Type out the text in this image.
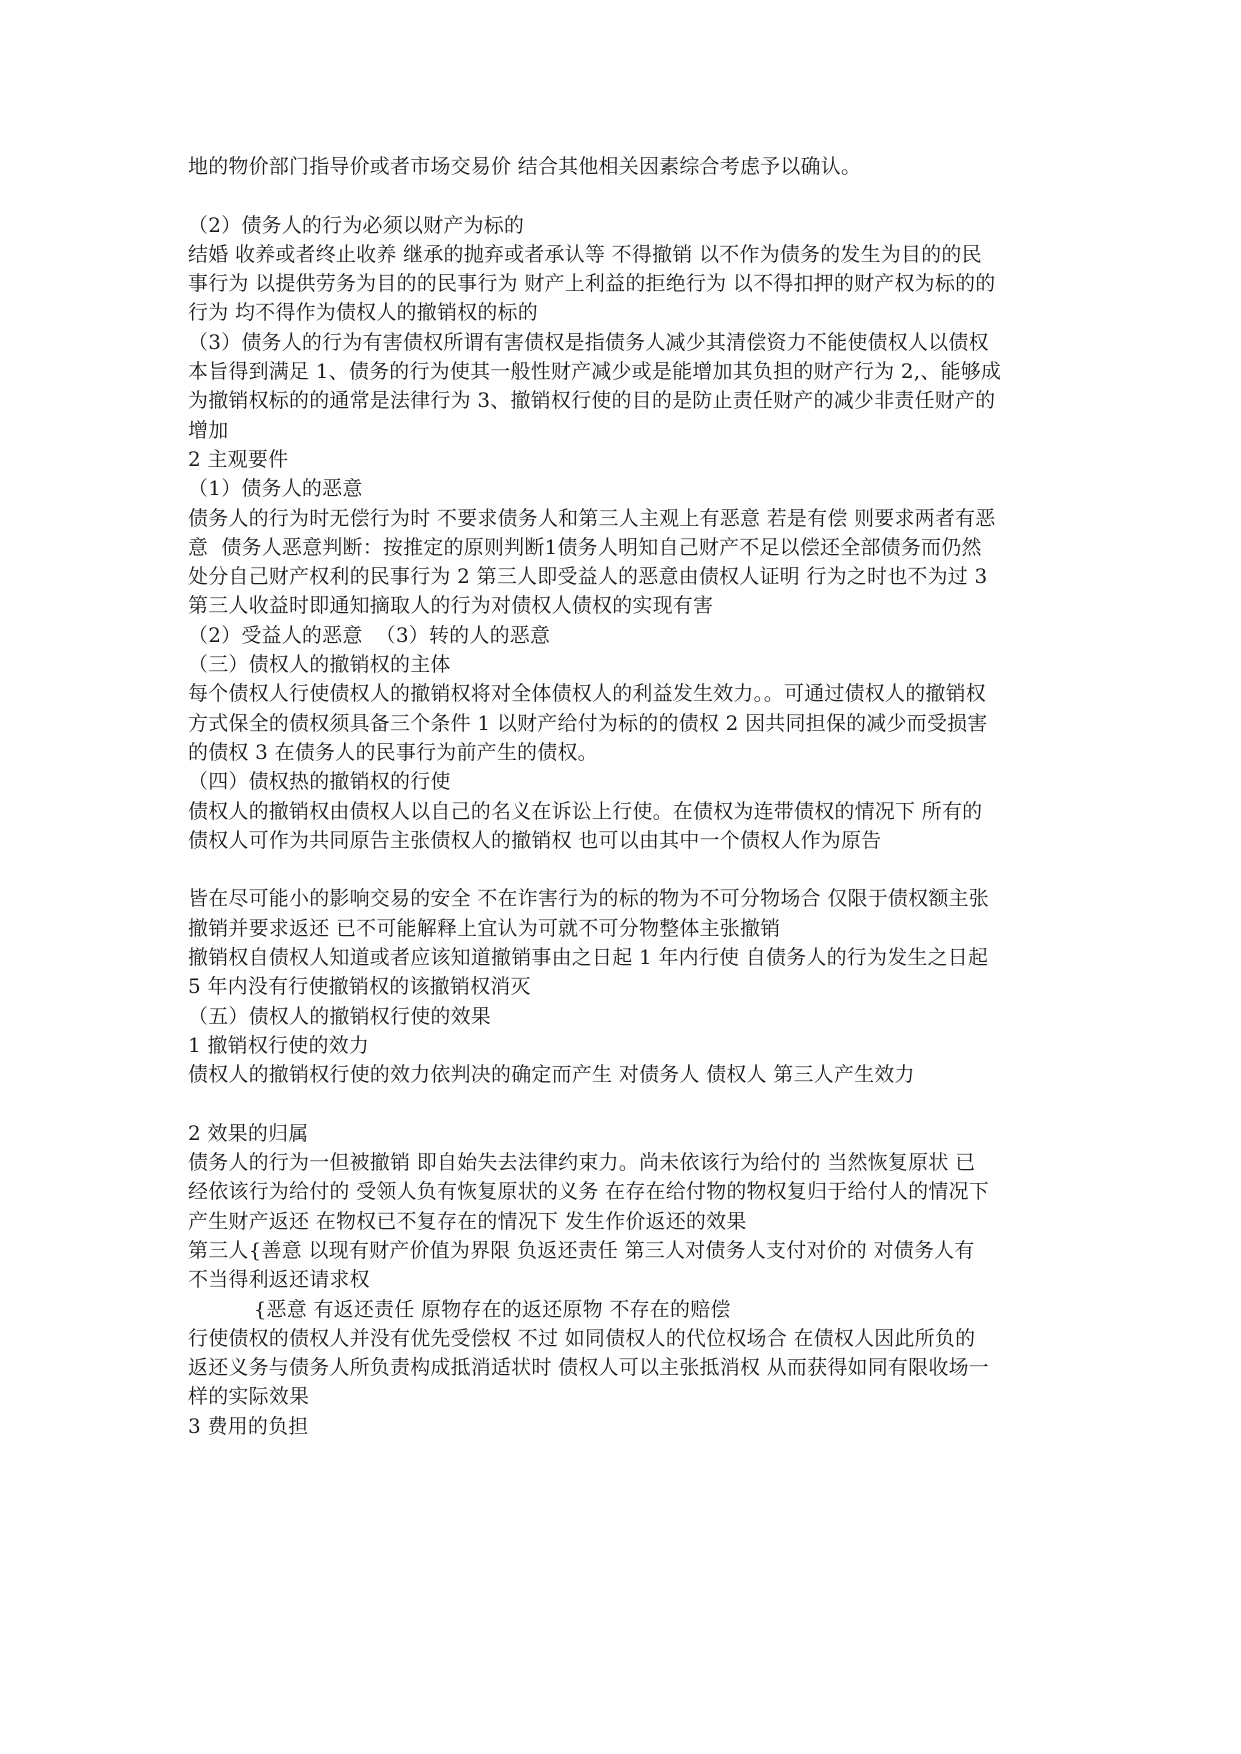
地的物价部门指导价或者市场交易价 结合其他相关因素综合考虑予以确认。
（2）债务人的行为必须以财产为标的
结婚 收养或者终止收养 继承的抛弃或者承认等 不得撤销 以不作为债务的发生为目的的民
事行为 以提供劳务为目的的民事行为 财产上利益的拒绝行为 以不得扣押的财产权为标的的
行为 均不得作为债权人的撤销权的标的
（3）债务人的行为有害债权所谓有害债权是指债务人减少其清偿资力不能使债权人以债权
本旨得到满足 1、债务的行为使其一般性财产减少或是能增加其负担的财产行为 2,、能够成
为撤销权标的的通常是法律行为 3、撤销权行使的目的是防止责任财产的减少非责任财产的
增加
2 主观要件
（1）债务人的恶意
债务人的行为时无偿行为时 不要求债务人和第三人主观上有恶意 若是有偿 则要求两者有恶
意  债务人恶意判断：按推定的原则判断1债务人明知自己财产不足以偿还全部债务而仍然
处分自己财产权利的民事行为 2 第三人即受益人的恶意由债权人证明 行为之时也不为过 3
第三人收益时即通知摘取人的行为对债权人债权的实现有害
（2）受益人的恶意  （3）转的人的恶意
（三）债权人的撤销权的主体
每个债权人行使债权人的撤销权将对全体债权人的利益发生效力。。可通过债权人的撤销权
方式保全的债权须具备三个条件 1 以财产给付为标的的债权 2 因共同担保的减少而受损害
的债权 3 在债务人的民事行为前产生的债权。
（四）债权热的撤销权的行使
债权人的撤销权由债权人以自己的名义在诉讼上行使。在债权为连带债权的情况下 所有的
债权人可作为共同原告主张债权人的撤销权 也可以由其中一个债权人作为原告
皆在尽可能小的影响交易的安全 不在诈害行为的标的物为不可分物场合 仅限于债权额主张
撤销并要求返还 已不可能解释上宜认为可就不可分物整体主张撤销
撤销权自债权人知道或者应该知道撤销事由之日起 1 年内行使 自债务人的行为发生之日起
5 年内没有行使撤销权的该撤销权消灭
（五）债权人的撤销权行使的效果
1 撤销权行使的效力
债权人的撤销权行使的效力依判决的确定而产生 对债务人 债权人 第三人产生效力
2 效果的归属
债务人的行为一但被撤销 即自始失去法律约束力。尚未依该行为给付的 当然恢复原状 已
经依该行为给付的 受领人负有恢复原状的义务 在存在给付物的物权复归于给付人的情况下
产生财产返还 在物权已不复存在的情况下 发生作价返还的效果
第三人{善意 以现有财产价值为界限 负返还责任 第三人对债务人支付对价的 对债务人有
不当得利返还请求权
{恶意 有返还责任 原物存在的返还原物 不存在的赔偿
行使债权的债权人并没有优先受偿权 不过 如同债权人的代位权场合 在债权人因此所负的
返还义务与债务人所负责构成抵消适状时 债权人可以主张抵消权 从而获得如同有限收场一
样的实际效果
3 费用的负担
